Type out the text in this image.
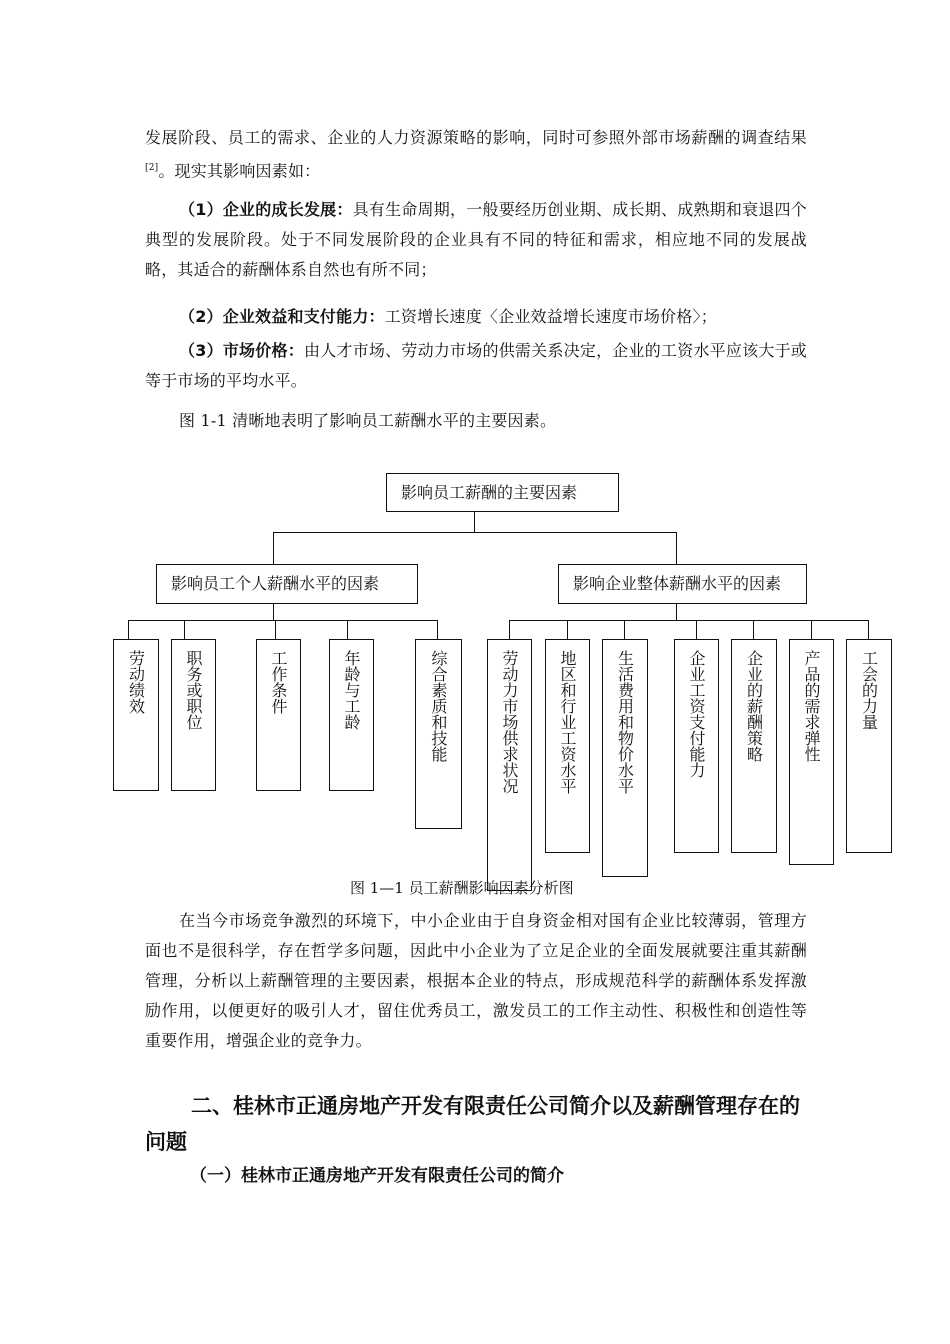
发展阶段、员工的需求、企业的人力资源策略的影响，同时可参照外部市场薪酬的调查结果[2]。现实其影响因素如：

（1）企业的成长发展：具有生命周期，一般要经历创业期、成长期、成熟期和衰退四个典型的发展阶段。处于不同发展阶段的企业具有不同的特征和需求，相应地不同的发展战略，其适合的薪酬体系自然也有所不同；

（2）企业效益和支付能力：工资增长速度〈企业效益增长速度市场价格〉；

（3）市场价格：由人才市场、劳动力市场的供需关系决定，企业的工资水平应该大于或等于市场的平均水平。

图 1-1 清晰地表明了影响员工薪酬水平的主要因素。

影响员工薪酬的主要因素
影响员工个人薪酬水平的因素	影响企业整体薪酬水平的因素
劳动绩效 职务或职位	工作条件	年龄与工龄	综合素质和技能	劳动力市场供求状况 地区和行业工资水平 生活费用和物价水平	企业工资支付能力 企业的薪酬策略 产品的需求弹性 工会的力量
图 1—1 员工薪酬影响因素分析图

在当今市场竞争激烈的环境下，中小企业由于自身资金相对国有企业比较薄弱，管理方面也不是很科学，存在哲学多问题，因此中小企业为了立足企业的全面发展就要注重其薪酬管理，分析以上薪酬管理的主要因素，根据本企业的特点，形成规范科学的薪酬体系发挥激励作用，以便更好的吸引人才，留住优秀员工，激发员工的工作主动性、积极性和创造性等重要作用，增强企业的竞争力。

二、桂林市正通房地产开发有限责任公司简介以及薪酬管理存在的问题
（一）桂林市正通房地产开发有限责任公司的简介
